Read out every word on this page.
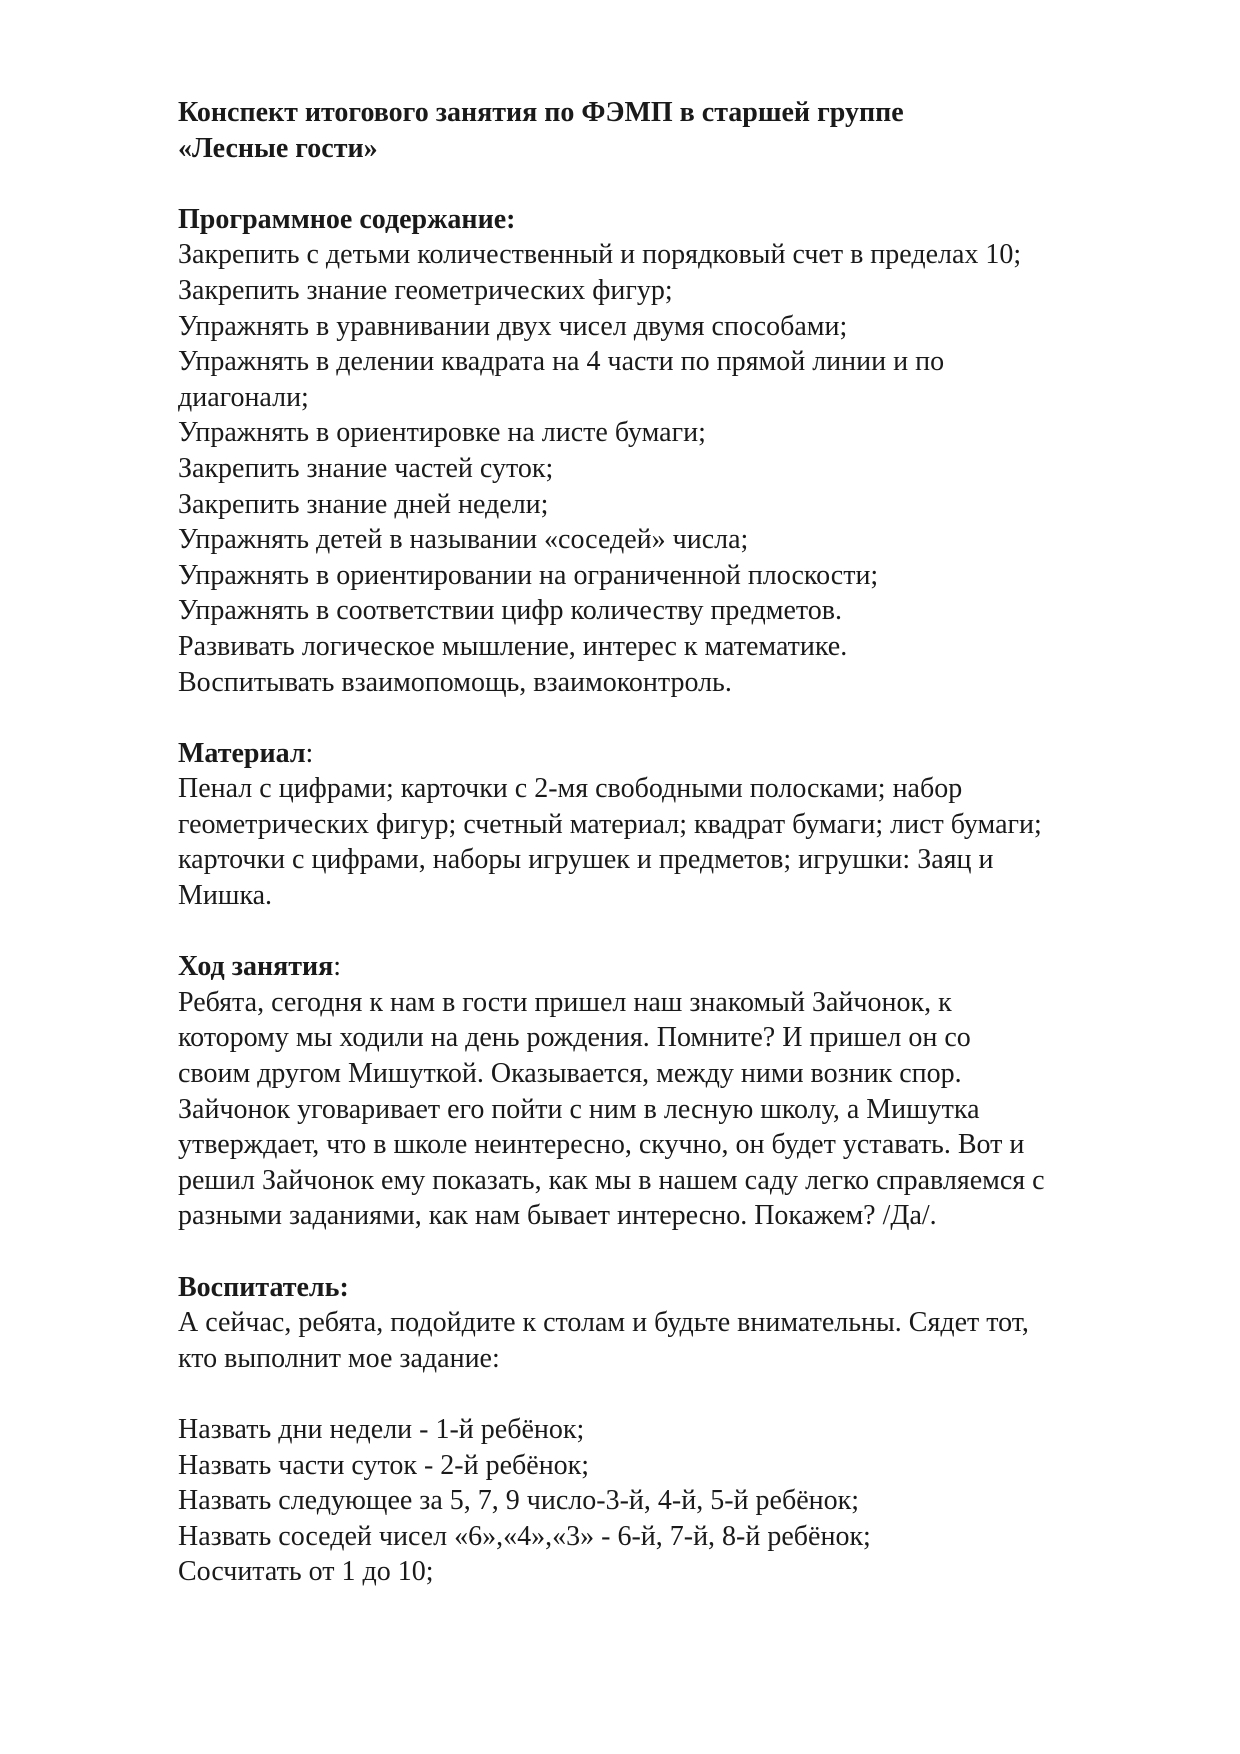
Конспект итогового занятия по ФЭМП в старшей группе
«Лесные гости»
Программное содержание:
Закрепить с детьми количественный и порядковый счет в пределах 10;
Закрепить знание геометрических фигур;
Упражнять в уравнивании двух чисел двумя способами;
Упражнять в делении квадрата на 4 части по прямой линии и по
диагонали;
Упражнять в ориентировке на листе бумаги;
Закрепить знание частей суток;
Закрепить знание дней недели;
Упражнять детей в назывании «соседей» числа;
Упражнять в ориентировании на ограниченной плоскости;
Упражнять в соответствии цифр количеству предметов.
Развивать логическое мышление, интерес к математике.
Воспитывать взаимопомощь, взаимоконтроль.
Материал:
Пенал с цифрами; карточки с 2-мя свободными полосками; набор
геометрических фигур; счетный материал; квадрат бумаги; лист бумаги;
карточки с цифрами, наборы игрушек и предметов; игрушки: Заяц и
Мишка.
Ход занятия:
Ребята, сегодня к нам в гости пришел наш знакомый Зайчонок, к
которому мы ходили на день рождения. Помните? И пришел он со
своим другом Мишуткой. Оказывается, между ними возник спор.
Зайчонок уговаривает его пойти с ним в лесную школу, а Мишутка
утверждает, что в школе неинтересно, скучно, он будет уставать. Вот и
решил Зайчонок ему показать, как мы в нашем саду легко справляемся с
разными заданиями, как нам бывает интересно. Покажем? /Да/.
Воспитатель:
А сейчас, ребята, подойдите к столам и будьте внимательны. Сядет тот,
кто выполнит мое задание:
Назвать дни недели - 1-й ребёнок;
Назвать части суток - 2-й ребёнок;
Назвать следующее за 5, 7, 9 число-3-й, 4-й, 5-й ребёнок;
Назвать соседей чисел «6»,«4»,«3» - 6-й, 7-й, 8-й ребёнок;
Сосчитать от 1 до 10;
